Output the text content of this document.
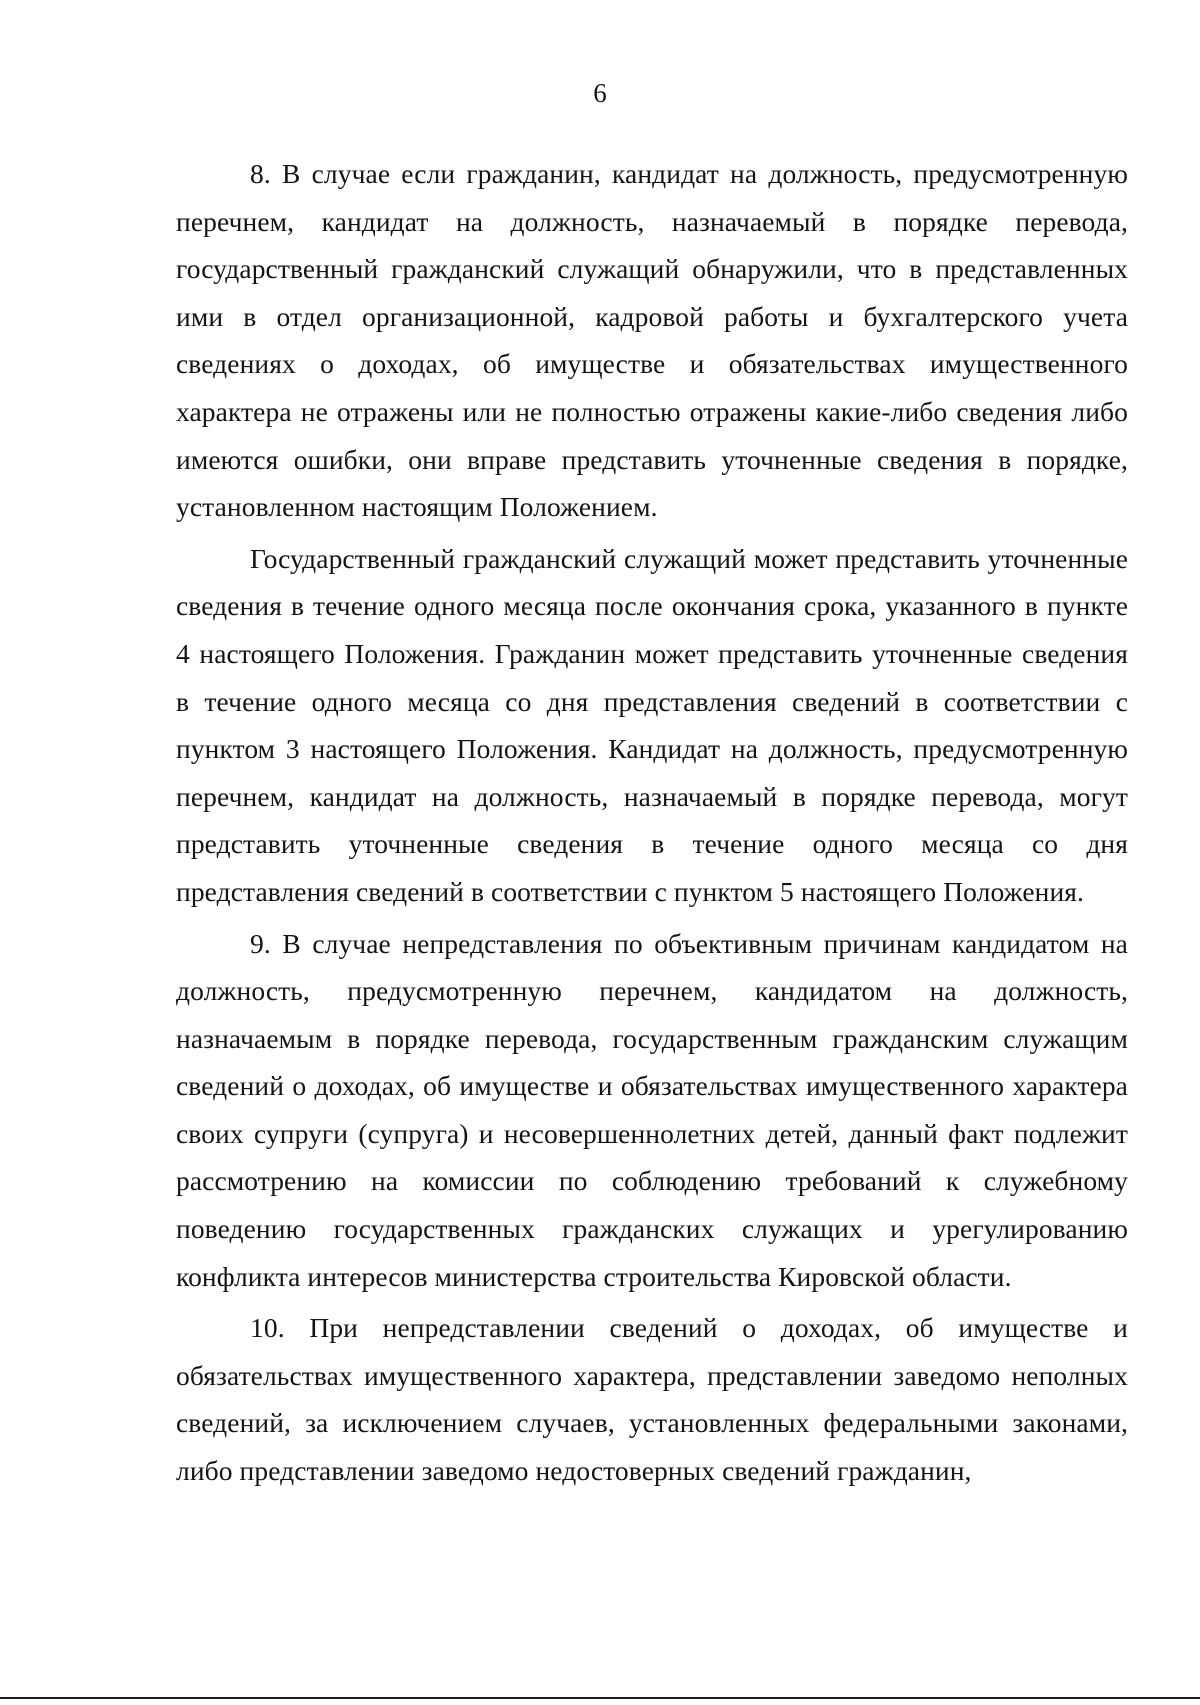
6

8. В случае если гражданин, кандидат на должность, предусмотренную перечнем, кандидат на должность, назначаемый в порядке перевода, государственный гражданский служащий обнаружили, что в представленных ими в отдел организационной, кадровой работы и бухгалтерского учета сведениях о доходах, об имуществе и обязательствах имущественного характера не отражены или не полностью отражены какие-либо сведения либо имеются ошибки, они вправе представить уточненные сведения в порядке, установленном настоящим Положением.

Государственный гражданский служащий может представить уточненные сведения в течение одного месяца после окончания срока, указанного в пункте 4 настоящего Положения. Гражданин может представить уточненные сведения в течение одного месяца со дня представления сведений в соответствии с пунктом 3 настоящего Положения. Кандидат на должность, предусмотренную перечнем, кандидат на должность, назначаемый в порядке перевода, могут представить уточненные сведения в течение одного месяца со дня представления сведений в соответствии с пунктом 5 настоящего Положения.

9. В случае непредставления по объективным причинам кандидатом на должность, предусмотренную перечнем, кандидатом на должность, назначаемым в порядке перевода, государственным гражданским служащим сведений о доходах, об имуществе и обязательствах имущественного характера своих супруги (супруга) и несовершеннолетних детей, данный факт подлежит рассмотрению на комиссии по соблюдению требований к служебному поведению государственных гражданских служащих и урегулированию конфликта интересов министерства строительства Кировской области.

10. При непредставлении сведений о доходах, об имуществе и обязательствах имущественного характера, представлении заведомо неполных сведений, за исключением случаев, установленных федеральными законами, либо представлении заведомо недостоверных сведений гражданин,
